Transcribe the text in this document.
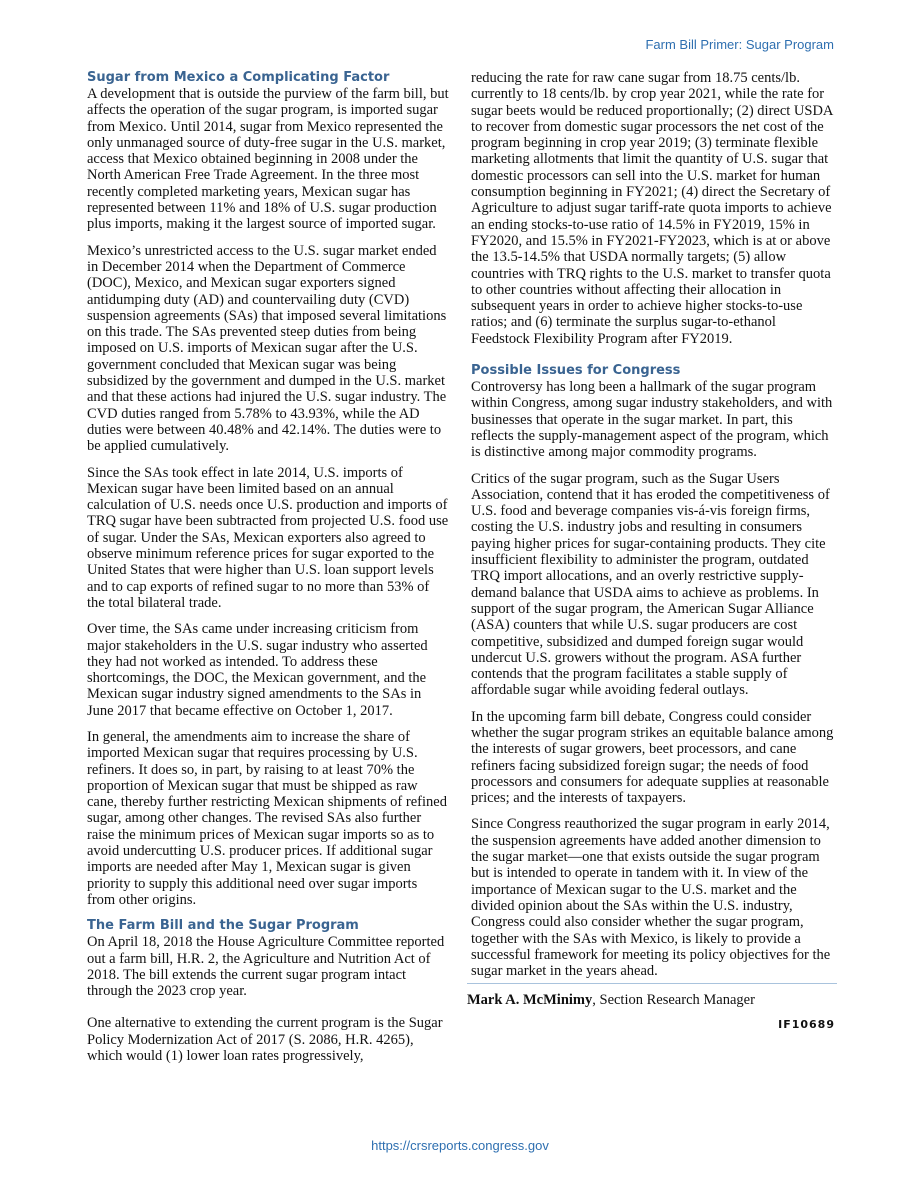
Farm Bill Primer: Sugar Program
Sugar from Mexico a Complicating Factor

A development that is outside the purview of the farm bill, but affects the operation of the sugar program, is imported sugar from Mexico. Until 2014, sugar from Mexico represented the only unmanaged source of duty-free sugar in the U.S. market, access that Mexico obtained beginning in 2008 under the North American Free Trade Agreement. In the three most recently completed marketing years, Mexican sugar has represented between 11% and 18% of U.S. sugar production plus imports, making it the largest source of imported sugar.

Mexico’s unrestricted access to the U.S. sugar market ended in December 2014 when the Department of Commerce (DOC), Mexico, and Mexican sugar exporters signed antidumping duty (AD) and countervailing duty (CVD) suspension agreements (SAs) that imposed several limitations on this trade. The SAs prevented steep duties from being imposed on U.S. imports of Mexican sugar after the U.S. government concluded that Mexican sugar was being subsidized by the government and dumped in the U.S. market and that these actions had injured the U.S. sugar industry. The CVD duties ranged from 5.78% to 43.93%, while the AD duties were between 40.48% and 42.14%. The duties were to be applied cumulatively.

Since the SAs took effect in late 2014, U.S. imports of Mexican sugar have been limited based on an annual calculation of U.S. needs once U.S. production and imports of TRQ sugar have been subtracted from projected U.S. food use of sugar. Under the SAs, Mexican exporters also agreed to observe minimum reference prices for sugar exported to the United States that were higher than U.S. loan support levels and to cap exports of refined sugar to no more than 53% of the total bilateral trade.

Over time, the SAs came under increasing criticism from major stakeholders in the U.S. sugar industry who asserted they had not worked as intended. To address these shortcomings, the DOC, the Mexican government, and the Mexican sugar industry signed amendments to the SAs in June 2017 that became effective on October 1, 2017.

In general, the amendments aim to increase the share of imported Mexican sugar that requires processing by U.S. refiners. It does so, in part, by raising to at least 70% the proportion of Mexican sugar that must be shipped as raw cane, thereby further restricting Mexican shipments of refined sugar, among other changes. The revised SAs also further raise the minimum prices of Mexican sugar imports so as to avoid undercutting U.S. producer prices. If additional sugar imports are needed after May 1, Mexican sugar is given priority to supply this additional need over sugar imports from other origins.

The Farm Bill and the Sugar Program

On April 18, 2018 the House Agriculture Committee reported out a farm bill, H.R. 2, the Agriculture and Nutrition Act of 2018. The bill extends the current sugar program intact through the 2023 crop year.

One alternative to extending the current program is the Sugar Policy Modernization Act of 2017 (S. 2086, H.R. 4265), which would (1) lower loan rates progressively,

reducing the rate for raw cane sugar from 18.75 cents/lb. currently to 18 cents/lb. by crop year 2021, while the rate for sugar beets would be reduced proportionally; (2) direct USDA to recover from domestic sugar processors the net cost of the program beginning in crop year 2019; (3) terminate flexible marketing allotments that limit the quantity of U.S. sugar that domestic processors can sell into the U.S. market for human consumption beginning in FY2021; (4) direct the Secretary of Agriculture to adjust sugar tariff-rate quota imports to achieve an ending stocks-to-use ratio of 14.5% in FY2019, 15% in FY2020, and 15.5% in FY2021-FY2023, which is at or above the 13.5-14.5% that USDA normally targets; (5) allow countries with TRQ rights to the U.S. market to transfer quota to other countries without affecting their allocation in subsequent years in order to achieve higher stocks-to-use ratios; and (6) terminate the surplus sugar-to-ethanol Feedstock Flexibility Program after FY2019.

Possible Issues for Congress

Controversy has long been a hallmark of the sugar program within Congress, among sugar industry stakeholders, and with businesses that operate in the sugar market. In part, this reflects the supply-management aspect of the program, which is distinctive among major commodity programs.

Critics of the sugar program, such as the Sugar Users Association, contend that it has eroded the competitiveness of U.S. food and beverage companies vis-á-vis foreign firms, costing the U.S. industry jobs and resulting in consumers paying higher prices for sugar-containing products. They cite insufficient flexibility to administer the program, outdated TRQ import allocations, and an overly restrictive supply-demand balance that USDA aims to achieve as problems. In support of the sugar program, the American Sugar Alliance (ASA) counters that while U.S. sugar producers are cost competitive, subsidized and dumped foreign sugar would undercut U.S. growers without the program. ASA further contends that the program facilitates a stable supply of affordable sugar while avoiding federal outlays.

In the upcoming farm bill debate, Congress could consider whether the sugar program strikes an equitable balance among the interests of sugar growers, beet processors, and cane refiners facing subsidized foreign sugar; the needs of food processors and consumers for adequate supplies at reasonable prices; and the interests of taxpayers.

Since Congress reauthorized the sugar program in early 2014, the suspension agreements have added another dimension to the sugar market—one that exists outside the sugar program but is intended to operate in tandem with it. In view of the importance of Mexican sugar to the U.S. market and the divided opinion about the SAs within the U.S. industry, Congress could also consider whether the sugar program, together with the SAs with Mexico, is likely to provide a successful framework for meeting its policy objectives for the sugar market in the years ahead.

Mark A. McMinimy, Section Research Manager
IF10689
https://crsreports.congress.gov
